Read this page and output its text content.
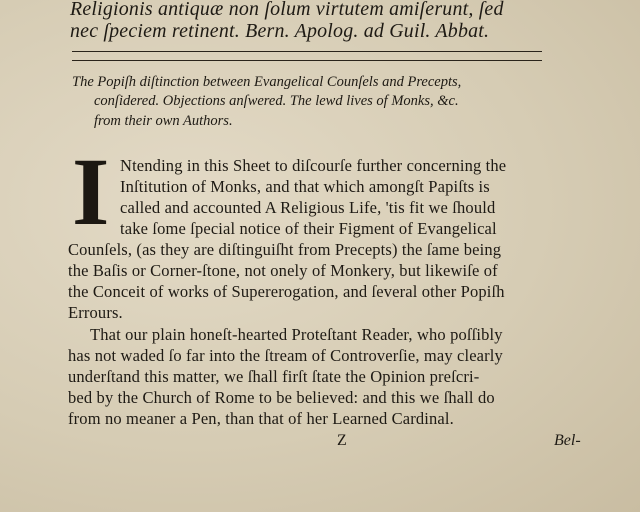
Religionis antiquæ non ſolum virtutem amiſerunt, ſed
nec ſpeciem retinent. Bern. Apolog. ad Guil. Abbat.
The Popiſh diſtinction between Evangelical Counſels and Precepts,
conſidered. Objections anſwered. The lewd lives of Monks, &c.
from their own Authors.
I Ntending in this Sheet to diſcourſe further concerning the
Inſtitution of Monks, and that which amongſt Papiſts is
called and accounted A Religious Life, 'tis fit we ſhould
take ſome ſpecial notice of their Figment of Evangelical
Counſels, (as they are diſtinguiſht from Precepts) the ſame being
the Baſis or Corner-ſtone, not onely of Monkery, but likewiſe of
the Conceit of works of Supererogation, and ſeveral other Popiſh
Errours.
That our plain honeſt-hearted Proteſtant Reader, who poſſibly
has not waded ſo far into the ſtream of Controverſie, may clearly
underſtand this matter, we ſhall firſt ſtate the Opinion preſcri-
bed by the Church of Rome to be believed: and this we ſhall do
from no meaner a Pen, than that of her Learned Cardinal.
Z	Bel-
